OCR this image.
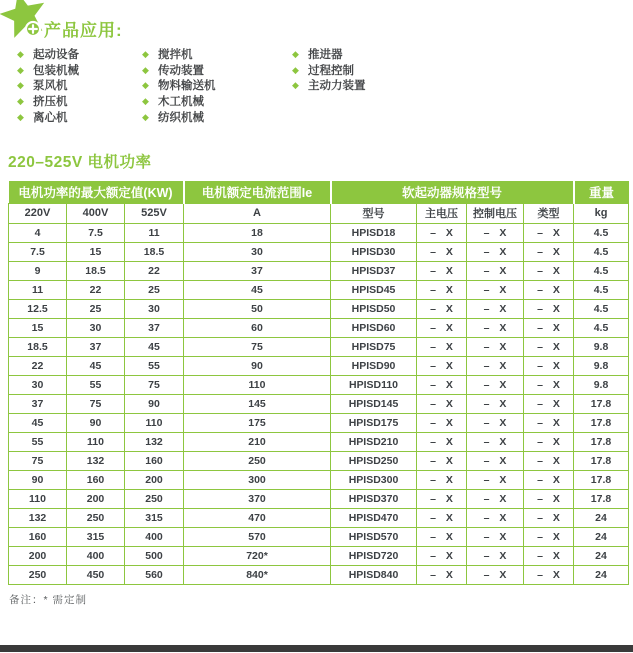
产品应用:
◆ 起动设备
◆ 包装机械
◆ 泵风机
◆ 挤压机
◆ 离心机
◆ 搅拌机
◆ 传动装置
◆ 物料输送机
◆ 木工机械
◆ 纺织机械
◆ 推进器
◆ 过程控制
◆ 主动力装置
220–525V 电机功率
电机功率的最大额定值(KW)			电机额定电流范围Ie	软起动器规格型号				重量
220V	400V	525V	A	型号	主电压	控制电压	类型	kg
4	7.5	11	18	HPISD18	– X	– X	– X	4.5
7.5	15	18.5	30	HPISD30	– X	– X	– X	4.5
9	18.5	22	37	HPISD37	– X	– X	– X	4.5
11	22	25	45	HPISD45	– X	– X	– X	4.5
12.5	25	30	50	HPISD50	– X	– X	– X	4.5
15	30	37	60	HPISD60	– X	– X	– X	4.5
18.5	37	45	75	HPISD75	– X	– X	– X	9.8
22	45	55	90	HPISD90	– X	– X	– X	9.8
30	55	75	110	HPISD110	– X	– X	– X	9.8
37	75	90	145	HPISD145	– X	– X	– X	17.8
45	90	110	175	HPISD175	– X	– X	– X	17.8
55	110	132	210	HPISD210	– X	– X	– X	17.8
75	132	160	250	HPISD250	– X	– X	– X	17.8
90	160	200	300	HPISD300	– X	– X	– X	17.8
110	200	250	370	HPISD370	– X	– X	– X	17.8
132	250	315	470	HPISD470	– X	– X	– X	24
160	315	400	570	HPISD570	– X	– X	– X	24
200	400	500	720*	HPISD720	– X	– X	– X	24
250	450	560	840*	HPISD840	– X	– X	– X	24
备注：* 需定制
